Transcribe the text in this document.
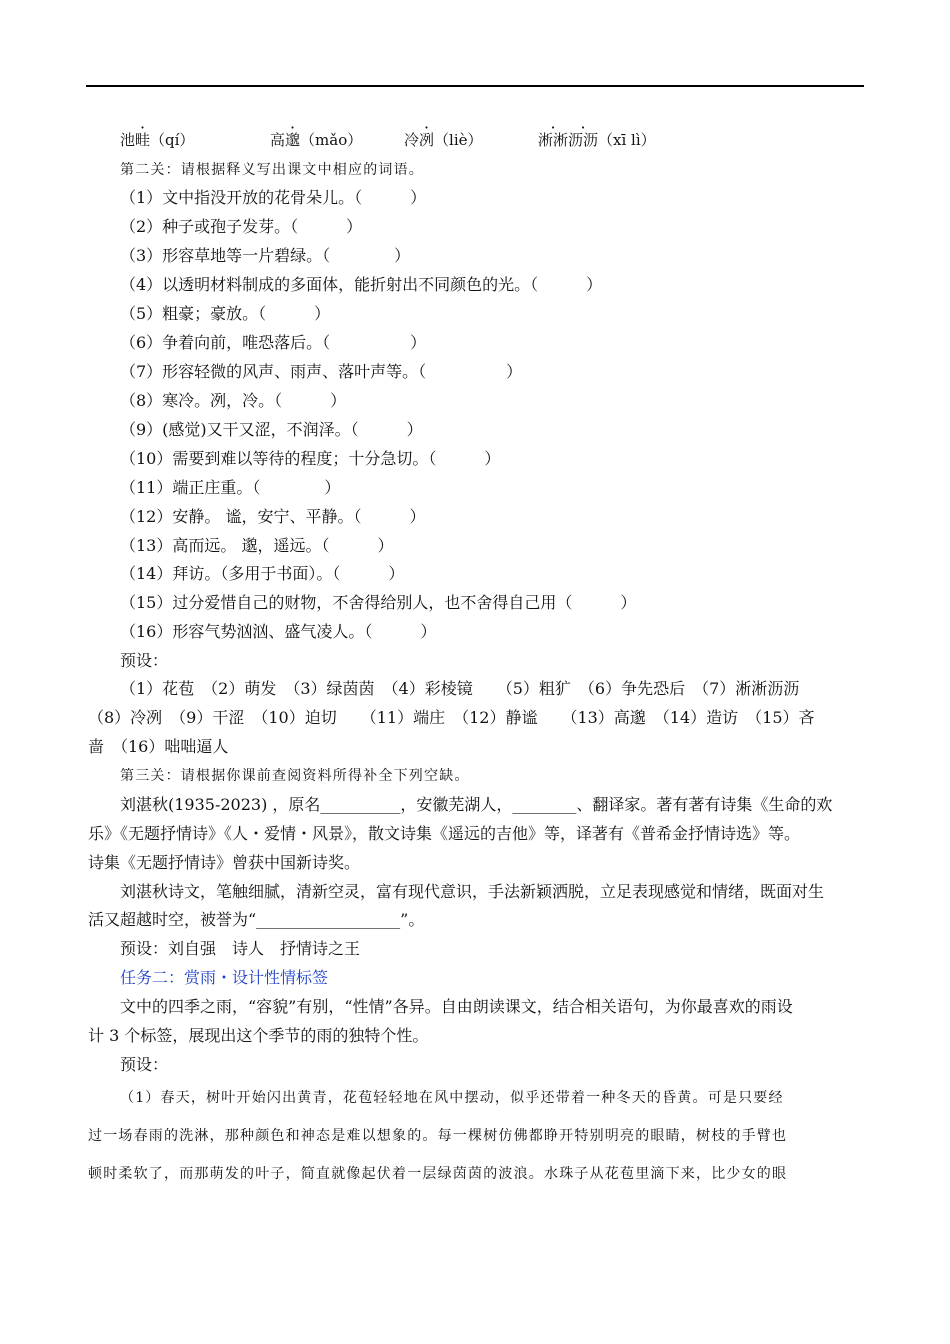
池畦（qí）	高邈（mǎo）	冷冽（liè）	淅淅沥沥（xī lì）
第二关：请根据释义写出课文中相应的词语。
（1）文中指没开放的花骨朵儿。（　　　）
（2）种子或孢子发芽。（　　　）
（3）形容草地等一片碧绿。（　　　　）
（4）以透明材料制成的多面体，能折射出不同颜色的光。（　　　）
（5）粗豪；豪放。（　　　）
（6）争着向前，唯恐落后。（　　　　　）
（7）形容轻微的风声、雨声、落叶声等。（　　　　　）
（8）寒冷。冽，冷。（　　　）
（9）(感觉)又干又涩，不润泽。（　　　）
（10）需要到难以等待的程度；十分急切。（　　　）
（11）端正庄重。（　　　　）
（12）安静。 谧，安宁、平静。（　　　）
（13）高而远。 邈，遥远。（　　　）
（14）拜访。（多用于书面）。（　　　）
（15）过分爱惜自己的财物，不舍得给别人，也不舍得自己用（　　　）
（16）形容气势汹汹、盛气凌人。（　　　）
预设：
（1）花苞　（2）萌发　（3）绿茵茵　（4）彩棱镜　　（5）粗犷　（6）争先恐后　（7）淅淅沥沥
（8）冷冽　（9）干涩　（10）迫切　　（11）端庄　（12）静谧　　（13）高邈　（14）造访　（15）吝
啬　（16）咄咄逼人
第三关：请根据你课前查阅资料所得补全下列空缺。
刘湛秋(1935-2023) ，原名__________，安徽芜湖人，________、翻译家。著有著有诗集《生命的欢
乐》《无题抒情诗》《人・爱情・风景》，散文诗集《遥远的吉他》等，译著有《普希金抒情诗选》等。
诗集《无题抒情诗》曾获中国新诗奖。
刘湛秋诗文，笔触细腻，清新空灵，富有现代意识，手法新颖洒脱，立足表现感觉和情绪，既面对生
活又超越时空，被誉为“__________________”。
预设：刘自强　诗人　抒情诗之王
任务二：赏雨・设计性情标签
文中的四季之雨，“容貌”有别，“性情”各异。自由朗读课文，结合相关语句，为你最喜欢的雨设
计 3 个标签，展现出这个季节的雨的独特个性。
预设：
（1）春天，树叶开始闪出黄青，花苞轻轻地在风中摆动，似乎还带着一种冬天的昏黄。可是只要经
过一场春雨的洗淋，那种颜色和神态是难以想象的。每一棵树仿佛都睁开特别明亮的眼睛，树枝的手臂也
顿时柔软了，而那萌发的叶子，简直就像起伏着一层绿茵茵的波浪。水珠子从花苞里滴下来，比少女的眼
